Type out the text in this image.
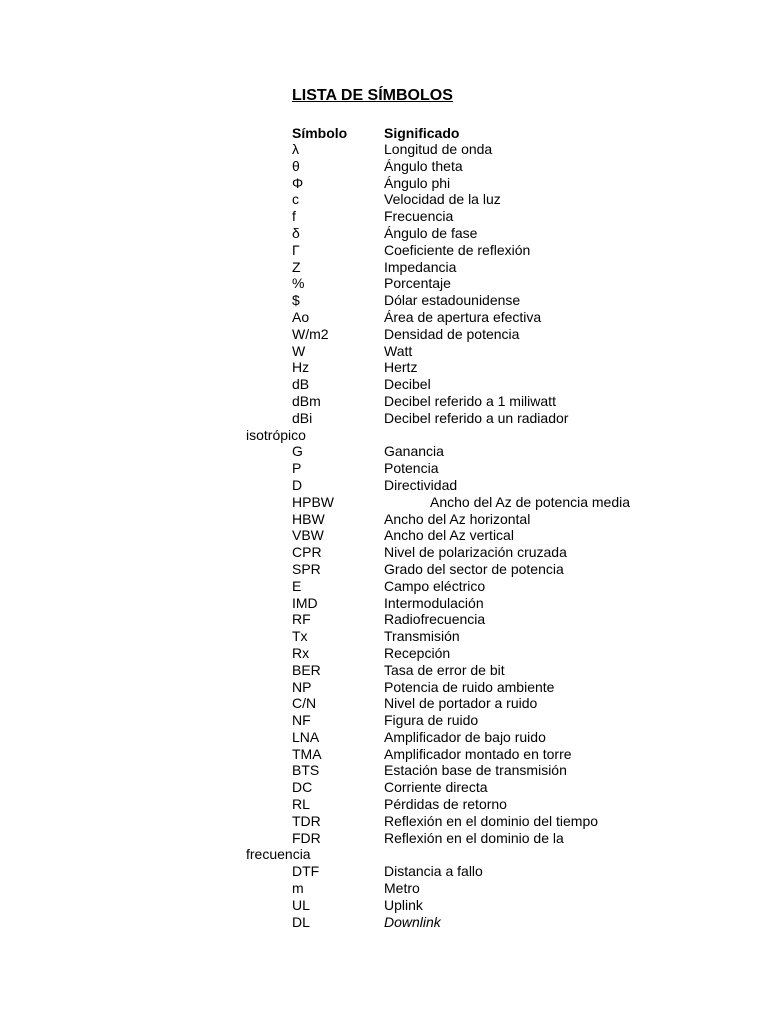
LISTA DE SÍMBOLOS
Símbolo	Significado
λ	Longitud de onda
θ	Ángulo theta
Φ	Ángulo phi
c	Velocidad de la luz
f	Frecuencia
δ	Ángulo de fase
Γ	Coeficiente de reflexión
Z	Impedancia
%	Porcentaje
$	Dólar estadounidense
Ao	Área de apertura efectiva
W/m2	Densidad de potencia
W	Watt
Hz	Hertz
dB	Decibel
dBm	Decibel referido a 1 miliwatt
dBi	Decibel referido a un radiador
isotrópico
G	Ganancia
P	Potencia
D	Directividad
HPBW	Ancho del Az de potencia media
HBW	Ancho del Az horizontal
VBW	Ancho del Az vertical
CPR	Nivel de polarización cruzada
SPR	Grado del sector de potencia
E	Campo eléctrico
IMD	Intermodulación
RF	Radiofrecuencia
Tx	Transmisión
Rx	Recepción
BER	Tasa de error de bit
NP	Potencia de ruido ambiente
C/N	Nivel de portador a ruido
NF	Figura de ruido
LNA	Amplificador de bajo ruido
TMA	Amplificador montado en torre
BTS	Estación base de transmisión
DC	Corriente directa
RL	Pérdidas de retorno
TDR	Reflexión en el dominio del tiempo
FDR	Reflexión en el dominio de la
frecuencia
DTF	Distancia a fallo
m	Metro
UL	Uplink
DL	Downlink
